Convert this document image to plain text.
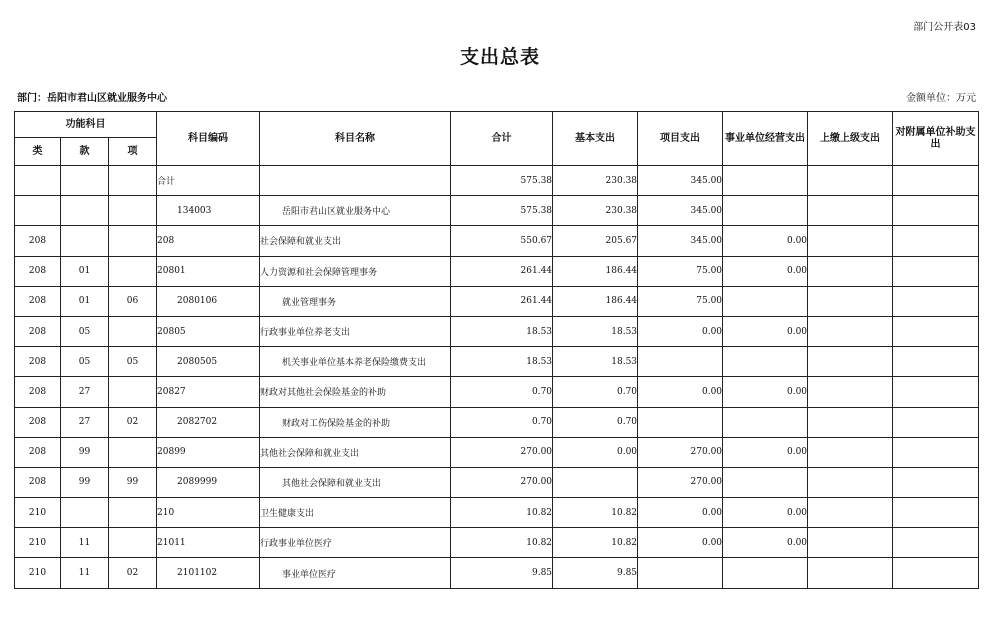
部门公开表03
支出总表
部门：岳阳市君山区就业服务中心	金额单位：万元
功能科目			科目编码	科目名称	合计	基本支出	项目支出	事业单位经营支出	上缴上级支出	对附属单位补助支出
类	款	项								
			合计		575.38	230.38	345.00			
			134003	岳阳市君山区就业服务中心	575.38	230.38	345.00			
208			208	社会保障和就业支出	550.67	205.67	345.00	0.00		
208	01		20801	人力资源和社会保障管理事务	261.44	186.44	75.00	0.00		
208	01	06	2080106	就业管理事务	261.44	186.44	75.00			
208	05		20805	行政事业单位养老支出	18.53	18.53	0.00	0.00		
208	05	05	2080505	机关事业单位基本养老保险缴费支出	18.53	18.53				
208	27		20827	财政对其他社会保险基金的补助	0.70	0.70	0.00	0.00		
208	27	02	2082702	财政对工伤保险基金的补助	0.70	0.70				
208	99		20899	其他社会保障和就业支出	270.00	0.00	270.00	0.00		
208	99	99	2089999	其他社会保障和就业支出	270.00		270.00			
210			210	卫生健康支出	10.82	10.82	0.00	0.00		
210	11		21011	行政事业单位医疗	10.82	10.82	0.00	0.00		
210	11	02	2101102	事业单位医疗	9.85	9.85				
